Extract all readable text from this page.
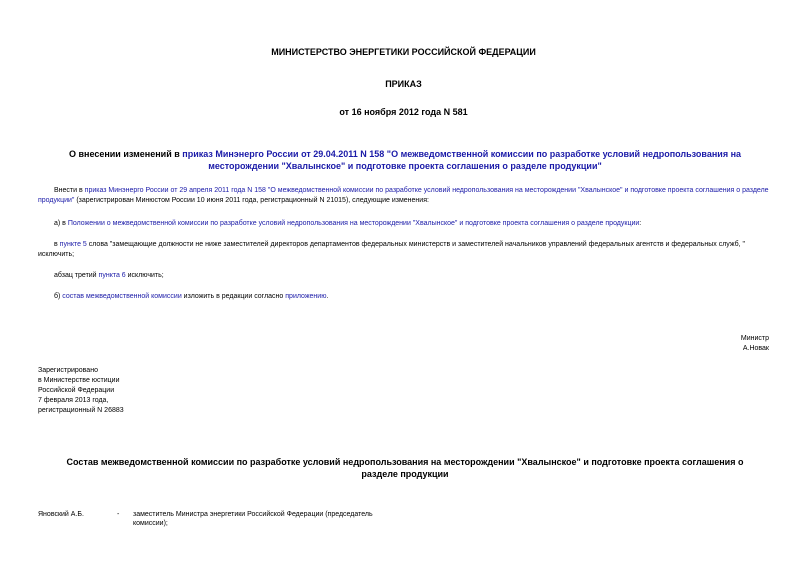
МИНИСТЕРСТВО ЭНЕРГЕТИКИ РОССИЙСКОЙ ФЕДЕРАЦИИ
ПРИКАЗ
от 16 ноября 2012 года N 581
О внесении изменений в приказ Минэнерго России от 29.04.2011 N 158 "О межведомственной комиссии по разработке условий недропользования на месторождении "Хвалынское" и подготовке проекта соглашения о разделе продукции"
Внести в приказ Минэнерго России от 29 апреля 2011 года N 158 "О межведомственной комиссии по разработке условий недропользования на месторождении "Хвалынское" и подготовке проекта соглашения о разделе продукции" (зарегистрирован Минюстом России 10 июня 2011 года, регистрационный N 21015), следующие изменения:
а) в Положении о межведомственной комиссии по разработке условий недропользования на месторождении "Хвалынское" и подготовке проекта соглашения о разделе продукции:
в пункте 5 слова "замещающие должности не ниже заместителей директоров департаментов федеральных министерств и заместителей начальников управлений федеральных агентств и федеральных служб, " исключить;
абзац третий пункта 6 исключить;
б) состав межведомственной комиссии изложить в редакции согласно приложению.
Министр
А.Новак
Зарегистрировано
в Министерстве юстиции
Российской Федерации
7 февраля 2013 года,
регистрационный N 26883
Состав межведомственной комиссии по разработке условий недропользования на месторождении "Хвалынское" и подготовке проекта соглашения о разделе продукции
Яновский А.Б.	- заместитель Министра энергетики Российской Федерации (председатель комиссии);
